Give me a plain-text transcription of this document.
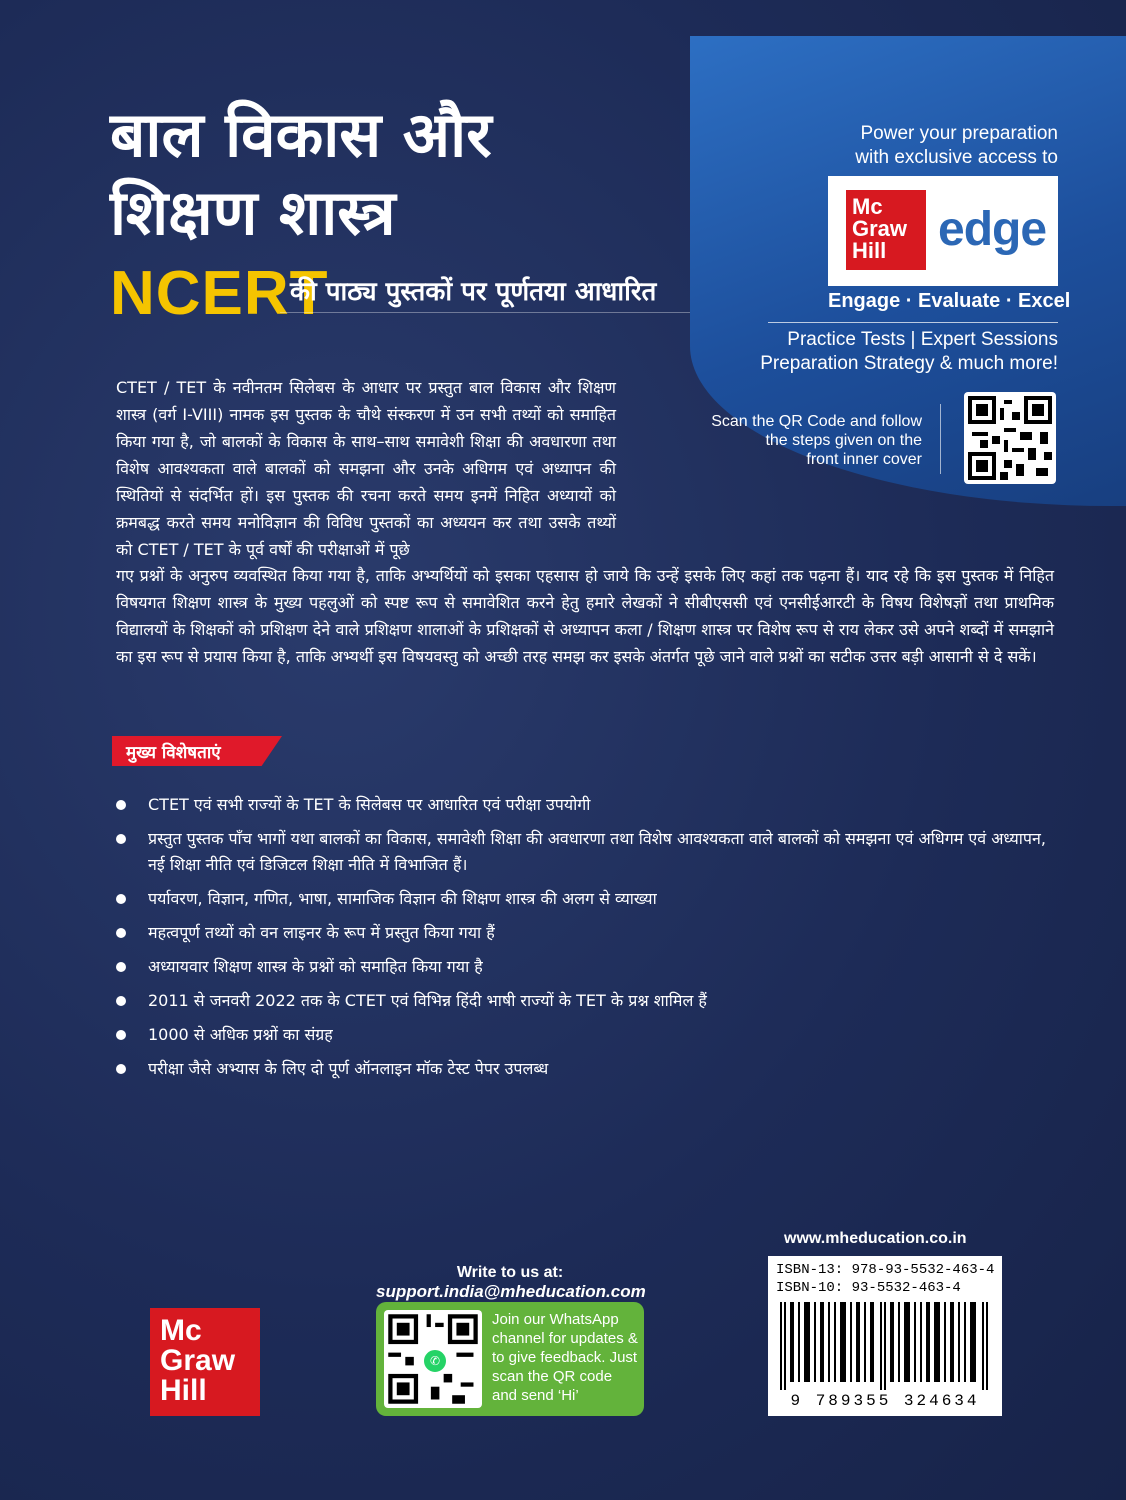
बाल विकास और
शिक्षण शास्त्र
NCERT
की पाठ्य पुस्तकों पर पूर्णतया आधारित
Power your preparation
with exclusive access to
Mc
Graw
Hill	edge
Engage · Evaluate · Excel
Practice Tests | Expert Sessions
Preparation Strategy & much more!
Scan the QR Code and follow
the steps given on the
front inner cover
CTET / TET के नवीनतम सिलेबस के आधार पर प्रस्तुत बाल विकास और शिक्षण शास्त्र (वर्ग I-VIII) नामक इस पुस्तक के चौथे संस्करण में उन सभी तथ्यों को समाहित किया गया है, जो बालकों के विकास के साथ–साथ समावेशी शिक्षा की अवधारणा तथा विशेष आवश्यकता वाले बालकों को समझना और उनके अधिगम एवं अध्यापन की स्थितियों से संदर्भित हों। इस पुस्तक की रचना करते समय इनमें निहित अध्यायों को क्रमबद्ध करते समय मनोविज्ञान की विविध पुस्तकों का अध्ययन कर तथा उसके तथ्यों को CTET / TET के पूर्व वर्षों की परीक्षाओं में पूछे
गए प्रश्नों के अनुरुप व्यवस्थित किया गया है, ताकि अभ्यर्थियों को इसका एहसास हो जाये कि उन्हें इसके लिए कहां तक पढ़ना हैं। याद रहे कि इस पुस्तक में निहित विषयगत शिक्षण शास्त्र के मुख्य पहलुओं को स्पष्ट रूप से समावेशित करने हेतु हमारे लेखकों ने सीबीएससी एवं एनसीईआरटी के विषय विशेषज्ञों तथा प्राथमिक विद्यालयों के शिक्षकों को प्रशिक्षण देने वाले प्रशिक्षण शालाओं के प्रशिक्षकों से अध्यापन कला / शिक्षण शास्त्र पर विशेष रूप से राय लेकर उसे अपने शब्दों में समझाने का इस रूप से प्रयास किया है, ताकि अभ्यर्थी इस विषयवस्तु को अच्छी तरह समझ कर इसके अंतर्गत पूछे जाने वाले प्रश्नों का सटीक उत्तर बड़ी आसानी से दे सकें।
मुख्य विशेषताएं
CTET एवं सभी राज्यों के TET के सिलेबस पर आधारित एवं परीक्षा उपयोगी
प्रस्तुत पुस्तक पाँच भागों यथा बालकों का विकास, समावेशी शिक्षा की अवधारणा तथा विशेष आवश्यकता वाले बालकों को समझना एवं अधिगम एवं अध्यापन, नई शिक्षा नीति एवं डिजिटल शिक्षा नीति में विभाजित हैं।
पर्यावरण, विज्ञान, गणित, भाषा, सामाजिक विज्ञान की शिक्षण शास्त्र की अलग से व्याख्या
महत्वपूर्ण तथ्यों को वन लाइनर के रूप में प्रस्तुत किया गया हैं
अध्यायवार शिक्षण शास्त्र के प्रश्नों को समाहित किया गया है
2011 से जनवरी 2022 तक के CTET एवं विभिन्न हिंदी भाषी राज्यों के TET के प्रश्न शामिल हैं
1000 से अधिक प्रश्नों का संग्रह
परीक्षा जैसे अभ्यास के लिए दो पूर्ण ऑनलाइन मॉक टेस्ट पेपर उपलब्ध
Mc
Graw
Hill
Write to us at:
support.india@mheducation.com
✆
Join our WhatsApp channel for updates & to give feedback. Just scan the QR code and send ‘Hi’
www.mheducation.co.in
ISBN-13: 978-93-5532-463-4
ISBN-10: 93-5532-463-4
9 789355 324634
